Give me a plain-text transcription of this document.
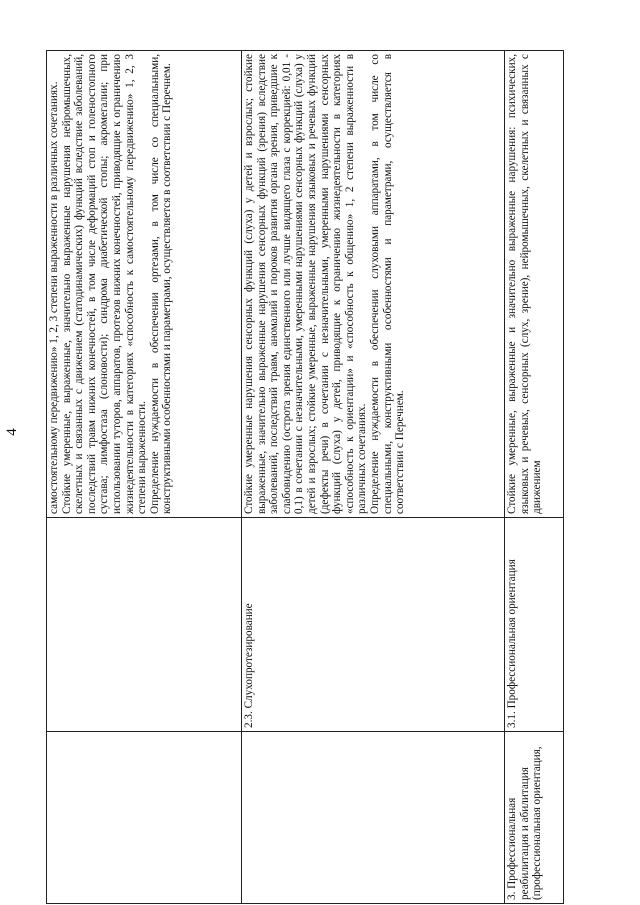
4

		самостоятельному передвижению» 1, 2, 3 степени выраженности в различных сочетаниях. Стойкие умеренные, выраженные, значительно выраженные нарушения нейромышечных, скелетных и связанных с движением (статодинамических) функций вследствие заболеваний, последствий травм нижних конечностей, в том числе деформаций стоп и голеностопного сустава; лимфостаза (слоновости); синдрома диабетической стопы; акромегалии; при использовании туторов, аппаратов, протезов нижних конечностей, приводящие к ограничению жизнедеятельности в категориях «способность к самостоятельному передвижению» 1, 2, 3 степени выраженности. Определение нуждаемости в обеспечении ортезами, в том числе со специальными, конструктивными особенностями и параметрами, осуществляется в соответствии с Перечнем.

	2.3. Слухопротезирование	Стойкие умеренные нарушения сенсорных функций (слуха) у детей и взрослых; стойкие выраженные, значительно выраженные нарушения сенсорных функций (зрения) вследствие заболеваний, последствий травм, аномалий и пороков развития органа зрения, приведшие к слабовидению (острота зрения единственного или лучше видящего глаза с коррекцией: 0,01 - 0,1) в сочетании с незначительными, умеренными нарушениями сенсорных функций (слуха) у детей и взрослых; стойкие умеренные, выраженные нарушения языковых и речевых функций (дефекты речи) в сочетании с незначительными, умеренными нарушениями сенсорных функций (слуха) у детей, приводящие к ограничению жизнедеятельности в категориях «способность к ориентации» и «способность к общению» 1, 2 степени выраженности в различных сочетаниях. Определение нуждаемости в обеспечении слуховыми аппаратами, в том числе со специальными, конструктивными особенностями и параметрами, осуществляется в соответствии с Перечнем.

3. Профессиональная реабилитация и абилитация (профессиональная ориентация,	3.1. Профессиональная ориентация	Стойкие умеренные, выраженные и значительно выраженные нарушения: психических, языковых и речевых, сенсорных (слух, зрение), нейромышечных, скелетных и связанных с движением
